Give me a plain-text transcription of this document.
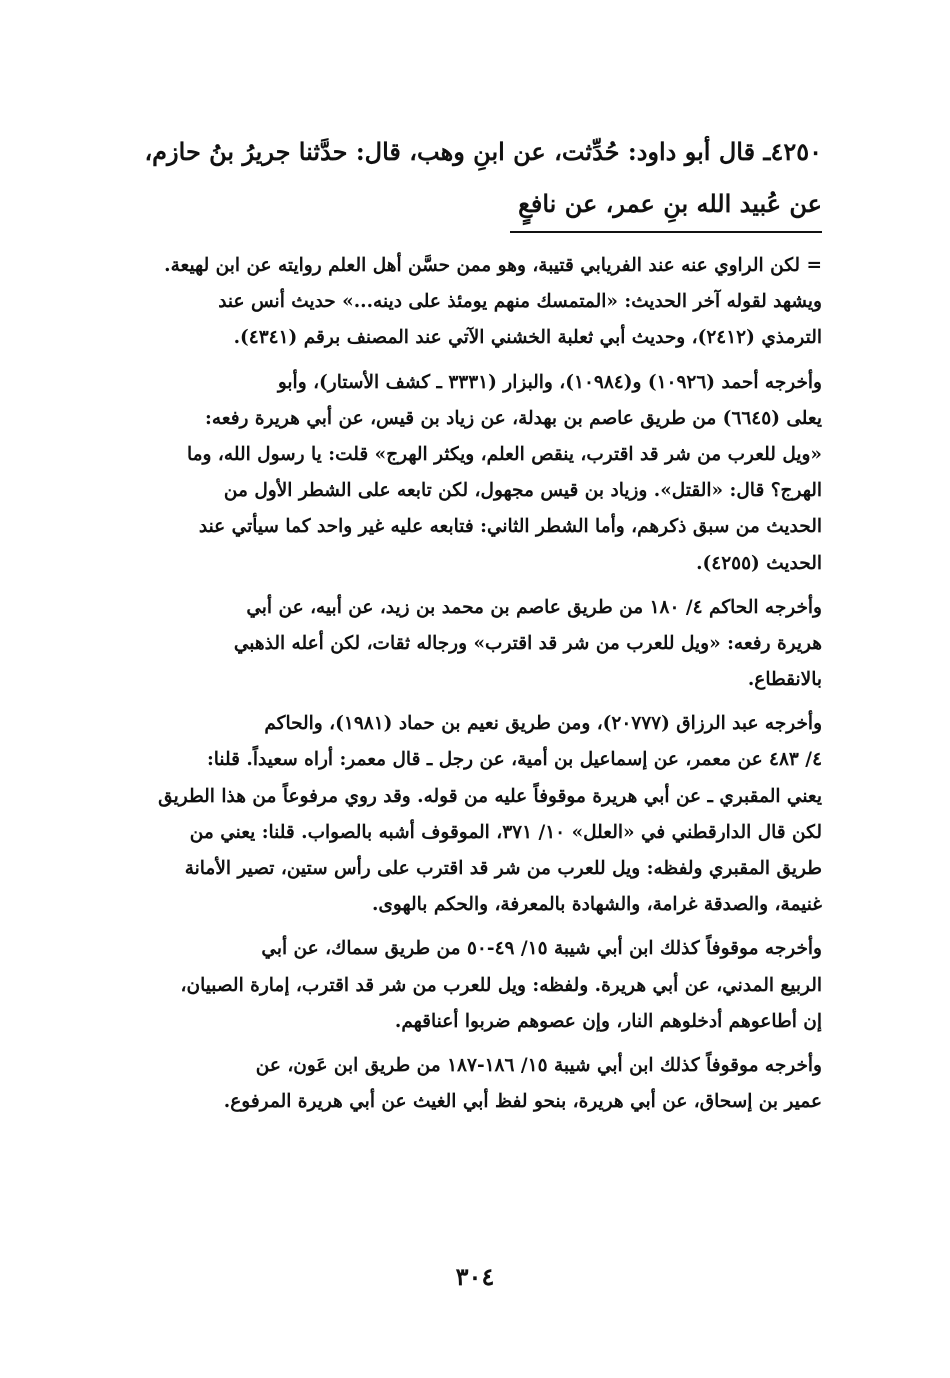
٤٢٥٠ـ قال أبو داود: حُدِّثت، عن ابنِ وهب، قال: حدَّثنا جريرُ بنُ حازم،
عن عُبيد الله بنِ عمر، عن نافعٍ
= لكن الراوي عنه عند الفريابي قتيبة، وهو ممن حسَّن أهل العلم روايته عن ابن لهيعة.
ويشهد لقوله آخر الحديث: «المتمسك منهم يومئذ على دينه...» حديث أنس عند
الترمذي (٢٤١٢)، وحديث أبي ثعلبة الخشني الآتي عند المصنف برقم (٤٣٤١).
وأخرجه أحمد (١٠٩٢٦) و(١٠٩٨٤)، والبزار (٣٣٣١ ـ كشف الأستار)، وأبو
يعلى (٦٦٤٥) من طريق عاصم بن بهدلة، عن زياد بن قيس، عن أبي هريرة رفعه:
«ويل للعرب من شر قد اقترب، ينقص العلم، ويكثر الهرج» قلت: يا رسول الله، وما
الهرج؟ قال: «القتل». وزياد بن قيس مجهول، لكن تابعه على الشطر الأول من
الحديث من سبق ذكرهم، وأما الشطر الثاني: فتابعه عليه غير واحد كما سيأتي عند
الحديث (٤٢٥٥).
وأخرجه الحاكم ٤/ ١٨٠ من طريق عاصم بن محمد بن زيد، عن أبيه، عن أبي
هريرة رفعه: «ويل للعرب من شر قد اقترب» ورجاله ثقات، لكن أعله الذهبي
بالانقطاع.
وأخرجه عبد الرزاق (٢٠٧٧٧)، ومن طريق نعيم بن حماد (١٩٨١)، والحاكم
٤/ ٤٨٣ عن معمر، عن إسماعيل بن أمية، عن رجل ـ قال معمر: أراه سعيداً. قلنا:
يعني المقبري ـ عن أبي هريرة موقوفاً عليه من قوله. وقد روي مرفوعاً من هذا الطريق
لكن قال الدارقطني في «العلل» ١٠/ ٣٧١، الموقوف أشبه بالصواب. قلنا: يعني من
طريق المقبري ولفظه: ويل للعرب من شر قد اقترب على رأس ستين، تصير الأمانة
غنيمة، والصدقة غرامة، والشهادة بالمعرفة، والحكم بالهوى.
وأخرجه موقوفاً كذلك ابن أبي شيبة ١٥/ ٤٩-٥٠ من طريق سماك، عن أبي
الربيع المدني، عن أبي هريرة. ولفظه: ويل للعرب من شر قد اقترب، إمارة الصبيان،
إن أطاعوهم أدخلوهم النار، وإن عصوهم ضربوا أعناقهم.
وأخرجه موقوفاً كذلك ابن أبي شيبة ١٥/ ١٨٦-١٨٧ من طريق ابن عَون، عن
عمير بن إسحاق، عن أبي هريرة، بنحو لفظ أبي الغيث عن أبي هريرة المرفوع.
٣٠٤
